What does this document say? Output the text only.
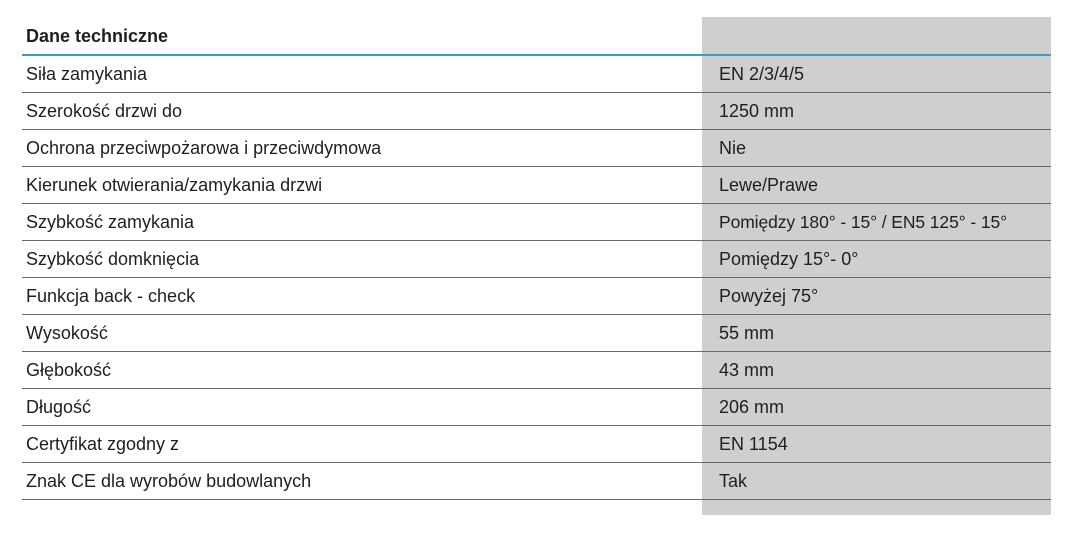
Dane techniczne	
Siła zamykania	EN 2/3/4/5
Szerokość drzwi do	1250 mm
Ochrona przeciwpożarowa i przeciwdymowa	Nie
Kierunek otwierania/zamykania drzwi	Lewe/Prawe
Szybkość zamykania	Pomiędzy 180° - 15° / EN5 125° - 15°
Szybkość domknięcia	Pomiędzy 15°- 0°
Funkcja back - check	Powyżej 75°
Wysokość	55 mm
Głębokość	43 mm
Długość	206 mm
Certyfikat zgodny z	EN 1154
Znak CE dla wyrobów budowlanych	Tak
